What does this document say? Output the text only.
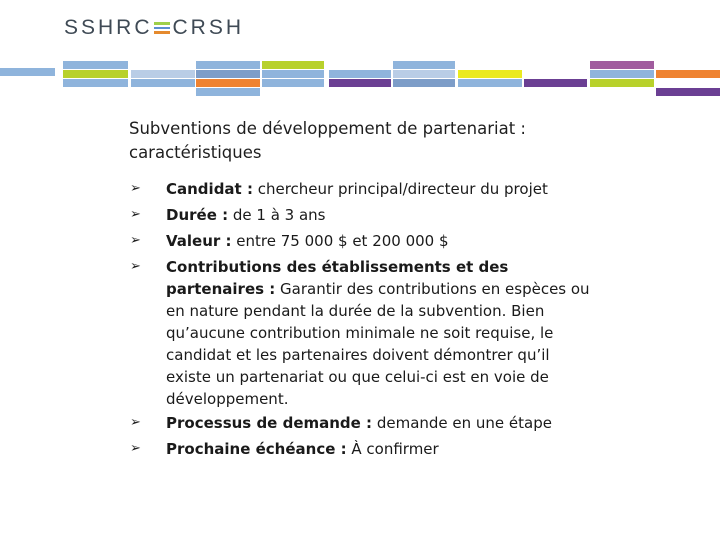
SSHRC CRSH
Subventions de développement de partenariat : caractéristiques
➢ Candidat : chercheur principal/directeur du projet
➢ Durée : de 1 à 3 ans
➢ Valeur : entre 75 000 $ et 200 000 $
➢ Contributions des établissements et des partenaires : Garantir des contributions en espèces ou en nature pendant la durée de la subvention. Bien qu’aucune contribution minimale ne soit requise, le candidat et les partenaires doivent démontrer qu’il existe un partenariat ou que celui-ci est en voie de développement.
➢ Processus de demande : demande en une étape
➢ Prochaine échéance : À confirmer
